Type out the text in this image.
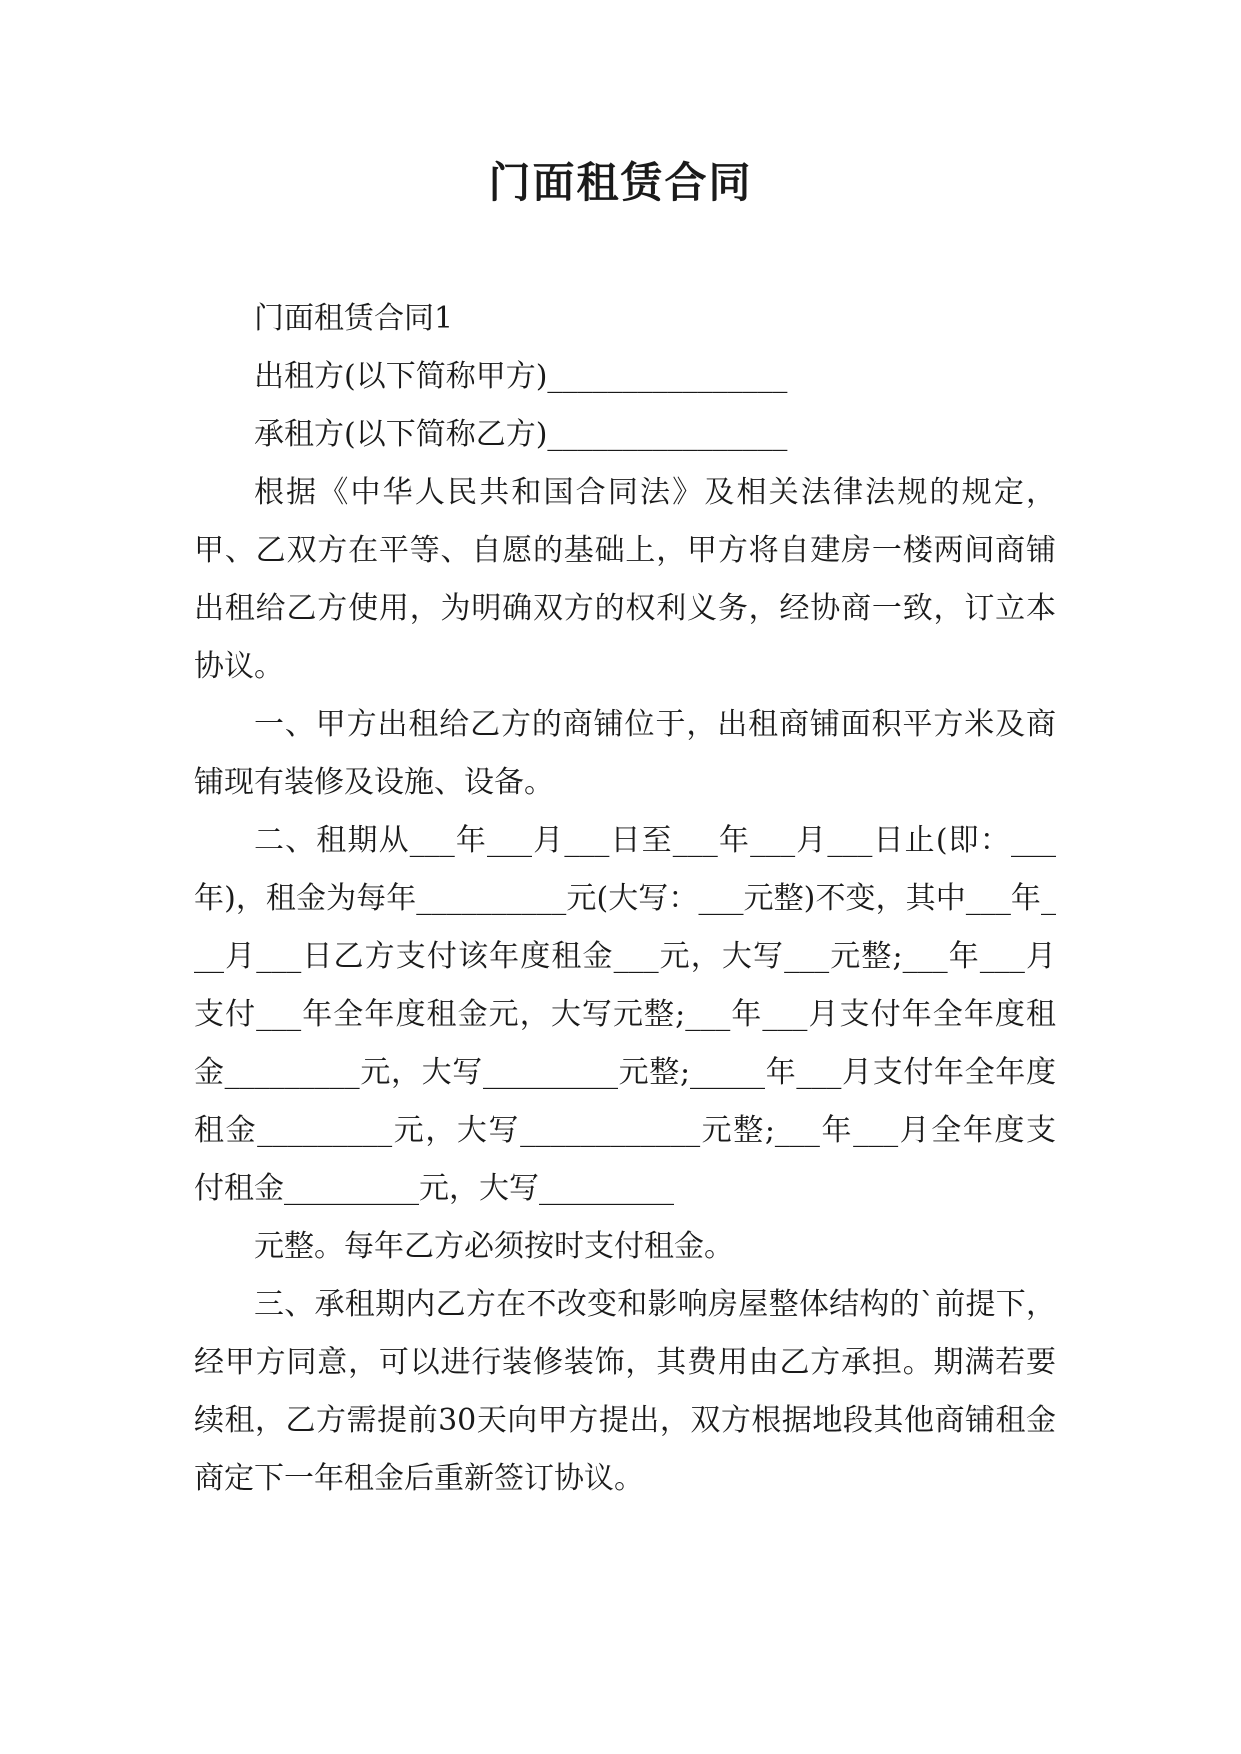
门面租赁合同

门面租赁合同1

出租方(以下简称甲方)________________

承租方(以下简称乙方)________________

根据《中华人民共和国合同法》及相关法律法规的规定，甲、乙双方在平等、自愿的基础上，甲方将自建房一楼两间商铺出租给乙方使用，为明确双方的权利义务，经协商一致，订立本协议。

一、甲方出租给乙方的商铺位于，出租商铺面积平方米及商铺现有装修及设施、设备。

二、租期从___年___月___日至___年___月___日止(即：___年)，租金为每年__________元(大写：___元整)不变，其中___年___月___日乙方支付该年度租金___元，大写___元整;___年___月支付___年全年度租金元，大写元整;___年___月支付年全年度租金_________元，大写_________元整;_____年___月支付年全年度租金_________元，大写____________元整;___年___月全年度支付租金_________元，大写_________

元整。每年乙方必须按时支付租金。

三、承租期内乙方在不改变和影响房屋整体结构的`前提下，经甲方同意，可以进行装修装饰，其费用由乙方承担。期满若要续租，乙方需提前30天向甲方提出，双方根据地段其他商铺租金商定下一年租金后重新签订协议。
